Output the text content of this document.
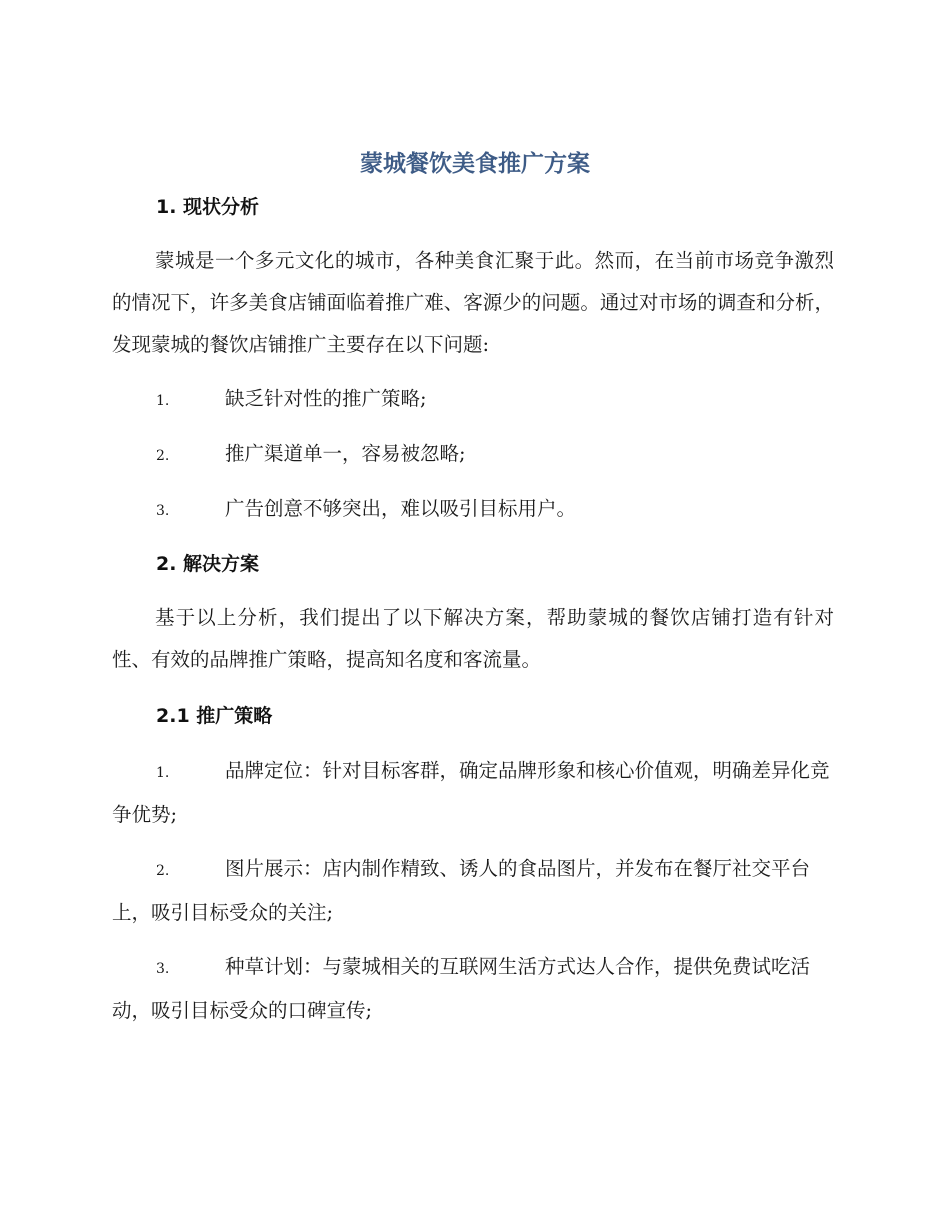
蒙城餐饮美食推广方案
1. 现状分析

蒙城是一个多元文化的城市，各种美食汇聚于此。然而，在当前市场竞争激烈的情况下，许多美食店铺面临着推广难、客源少的问题。通过对市场的调查和分析，发现蒙城的餐饮店铺推广主要存在以下问题:

1.	缺乏针对性的推广策略;

2.	推广渠道单一，容易被忽略;

3.	广告创意不够突出，难以吸引目标用户。

2. 解决方案

基于以上分析，我们提出了以下解决方案，帮助蒙城的餐饮店铺打造有针对性、有效的品牌推广策略，提高知名度和客流量。

2.1 推广策略

1.	品牌定位：针对目标客群，确定品牌形象和核心价值观，明确差异化竞争优势;

2.	图片展示：店内制作精致、诱人的食品图片，并发布在餐厅社交平台上，吸引目标受众的关注;

3.	种草计划：与蒙城相关的互联网生活方式达人合作，提供免费试吃活动，吸引目标受众的口碑宣传;
